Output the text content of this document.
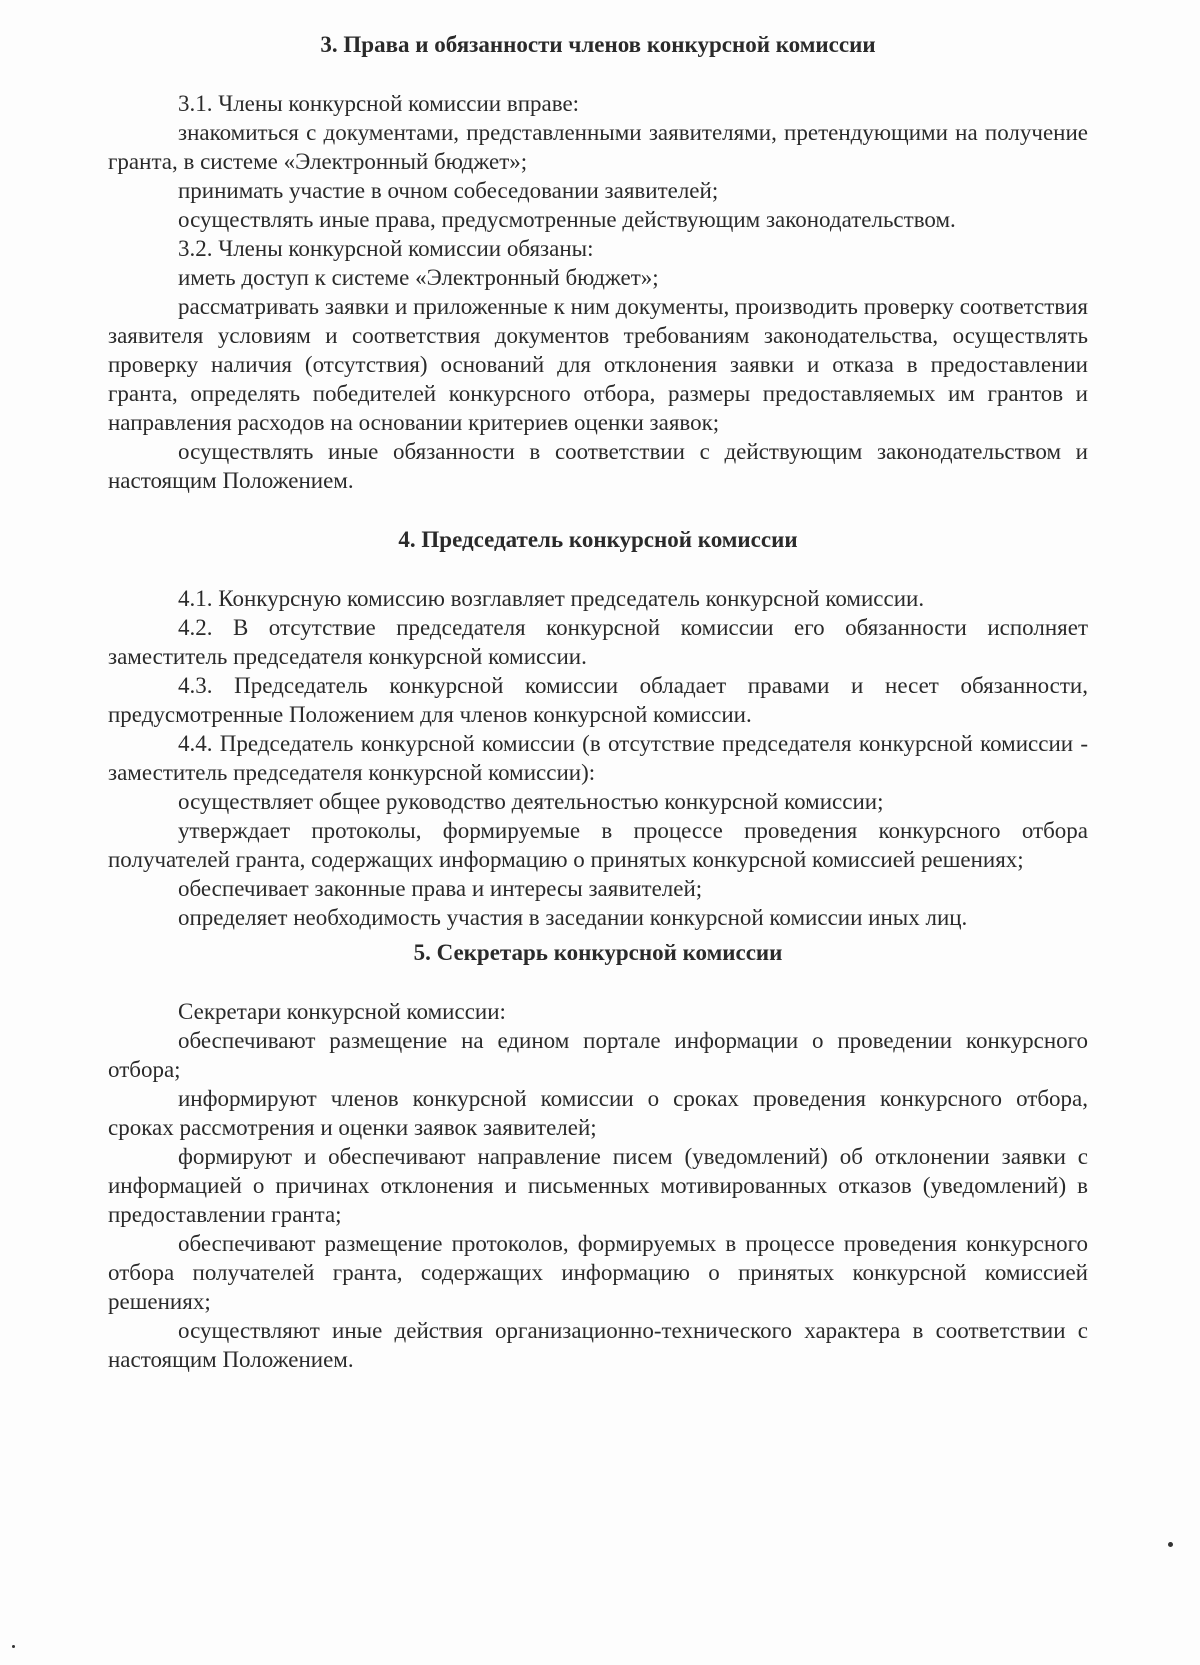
3. Права и обязанности членов конкурсной комиссии

3.1. Члены конкурсной комиссии вправе:

знакомиться с документами, представленными заявителями, претендующими на получение гранта, в системе «Электронный бюджет»;

принимать участие в очном собеседовании заявителей;

осуществлять иные права, предусмотренные действующим законодательством.

3.2. Члены конкурсной комиссии обязаны:

иметь доступ к системе «Электронный бюджет»;

рассматривать заявки и приложенные к ним документы, производить проверку соответствия заявителя условиям и соответствия документов требованиям законодательства, осуществлять проверку наличия (отсутствия) оснований для отклонения заявки и отказа в предоставлении гранта, определять победителей конкурсного отбора, размеры предоставляемых им грантов и направления расходов на основании критериев оценки заявок;

осуществлять иные обязанности в соответствии с действующим законодательством и настоящим Положением.

4. Председатель конкурсной комиссии

4.1. Конкурсную комиссию возглавляет председатель конкурсной комиссии.

4.2. В отсутствие председателя конкурсной комиссии его обязанности исполняет заместитель председателя конкурсной комиссии.

4.3. Председатель конкурсной комиссии обладает правами и несет обязанности, предусмотренные Положением для членов конкурсной комиссии.

4.4. Председатель конкурсной комиссии (в отсутствие председателя конкурсной комиссии - заместитель председателя конкурсной комиссии):

осуществляет общее руководство деятельностью конкурсной комиссии;

утверждает протоколы, формируемые в процессе проведения конкурсного отбора получателей гранта, содержащих информацию о принятых конкурсной комиссией решениях;

обеспечивает законные права и интересы заявителей;

определяет необходимость участия в заседании конкурсной комиссии иных лиц.

5. Секретарь конкурсной комиссии

Секретари конкурсной комиссии:

обеспечивают размещение на едином портале информации о проведении конкурсного отбора;

информируют членов конкурсной комиссии о сроках проведения конкурсного отбора, сроках рассмотрения и оценки заявок заявителей;

формируют и обеспечивают направление писем (уведомлений) об отклонении заявки с информацией о причинах отклонения и письменных мотивированных отказов (уведомлений) в предоставлении гранта;

обеспечивают размещение протоколов, формируемых в процессе проведения конкурсного отбора получателей гранта, содержащих информацию о принятых конкурсной комиссией решениях;

осуществляют иные действия организационно-технического характера в соответствии с настоящим Положением.
